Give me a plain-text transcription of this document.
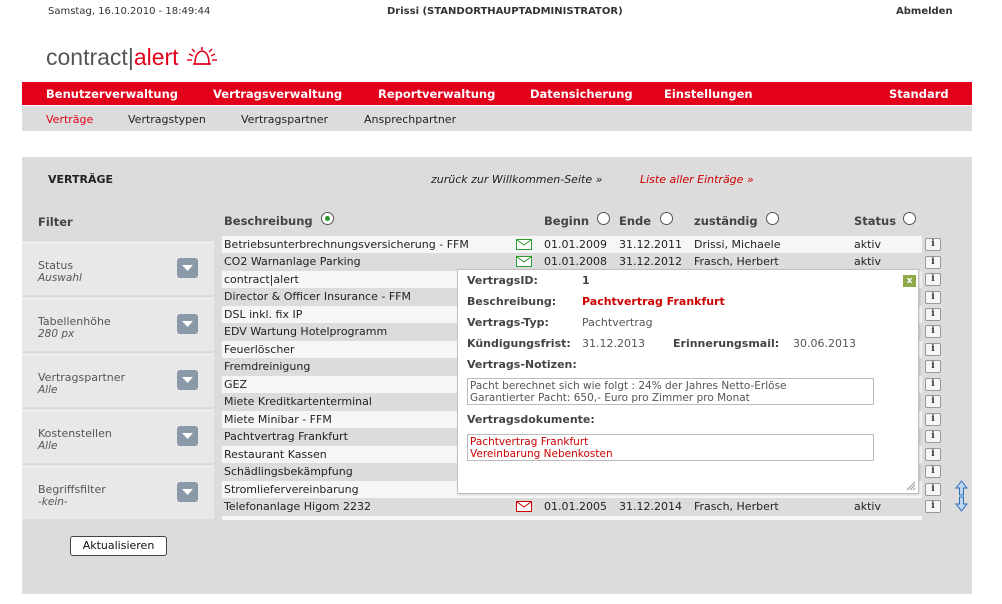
Samstag, 16.10.2010 - 18:49:44	Drissi (STANDORTHAUPTADMINISTRATOR)	Abmelden
contract | alert
Benutzerverwaltung	Vertragsverwaltung	Reportverwaltung	Datensicherung	Einstellungen	Standard
Verträge	Vertragstypen	Vertragspartner	Ansprechpartner
VERTRÄGE	zurück zur Willkommen-Seite »	Liste aller Einträge »
Filter
Status
Auswahl
Tabellenhöhe
280 px
Vertragspartner
Alle
Kostenstellen
Alle
Begriffsfilter
-kein-
Aktualisieren
Beschreibung	Beginn	Ende	zuständig	Status
Betriebsunterbrechnungsversicherung - FFM	01.01.2009 31.12.2011 Drissi, Michaele	aktiv
CO2 Warnanlage Parking	01.01.2008 31.12.2012 Frasch, Herbert	aktiv
contract|alert
Director & Officer Insurance - FFM
DSL inkl. fix IP
EDV Wartung Hotelprogramm
Feuerlöscher
Fremdreinigung
GEZ
Miete Kreditkartenterminal
Miete Minibar - FFM
Pachtvertrag Frankfurt
Restaurant Kassen
Schädlingsbekämpfung
Stromliefervereinbarung
Telefonanlage Higom 2232	01.01.2005 31.12.2014 Frasch, Herbert	aktiv
i
i
i
i
i
i
i
i
i
i
i
i
i
i
i
i
VertragsID:	1	x
Beschreibung: Pachtvertrag Frankfurt
Vertrags-Typ:	Pachtvertrag
Kündigungsfrist: 31.12.2013	Erinnerungsmail: 30.06.2013
Vertrags-Notizen:
Pacht berechnet sich wie folgt : 24% der Jahres Netto-Erlöse
Garantierter Pacht: 650,- Euro pro Zimmer pro Monat
Vertragsdokumente:
Pachtvertrag Frankfurt
Vereinbarung Nebenkosten
